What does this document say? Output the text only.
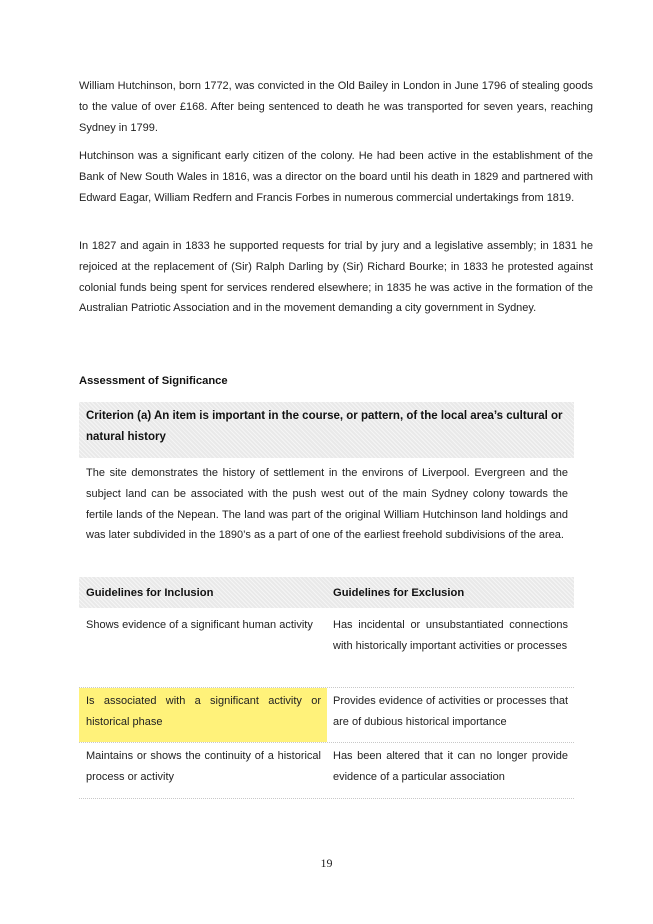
William Hutchinson, born 1772, was convicted in the Old Bailey in London in June 1796 of stealing goods to the value of over £168. After being sentenced to death he was transported for seven years, reaching Sydney in 1799.

Hutchinson was a significant early citizen of the colony. He had been active in the establishment of the Bank of New South Wales in 1816, was a director on the board until his death in 1829 and partnered with Edward Eagar, William Redfern and Francis Forbes in numerous commercial undertakings from 1819.

In 1827 and again in 1833 he supported requests for trial by jury and a legislative assembly; in 1831 he rejoiced at the replacement of (Sir) Ralph Darling by (Sir) Richard Bourke; in 1833 he protested against colonial funds being spent for services rendered elsewhere; in 1835 he was active in the formation of the Australian Patriotic Association and in the movement demanding a city government in Sydney.

Assessment of Significance
Criterion (a) An item is important in the course, or pattern, of the local area’s cultural or natural history

The site demonstrates the history of settlement in the environs of Liverpool. Evergreen and the subject land can be associated with the push west out of the main Sydney colony towards the fertile lands of the Nepean. The land was part of the original William Hutchinson land holdings and was later subdivided in the 1890’s as a part of one of the earliest freehold subdivisions of the area.

Guidelines for Inclusion	Guidelines for Exclusion
Shows evidence of a significant human activity	Has incidental or unsubstantiated connections with historically important activities or processes
Is associated with a significant activity or historical phase
Provides evidence of activities or processes that are of dubious historical importance
Maintains or shows the continuity of a historical process or activity
Has been altered that it can no longer provide evidence of a particular association
19
